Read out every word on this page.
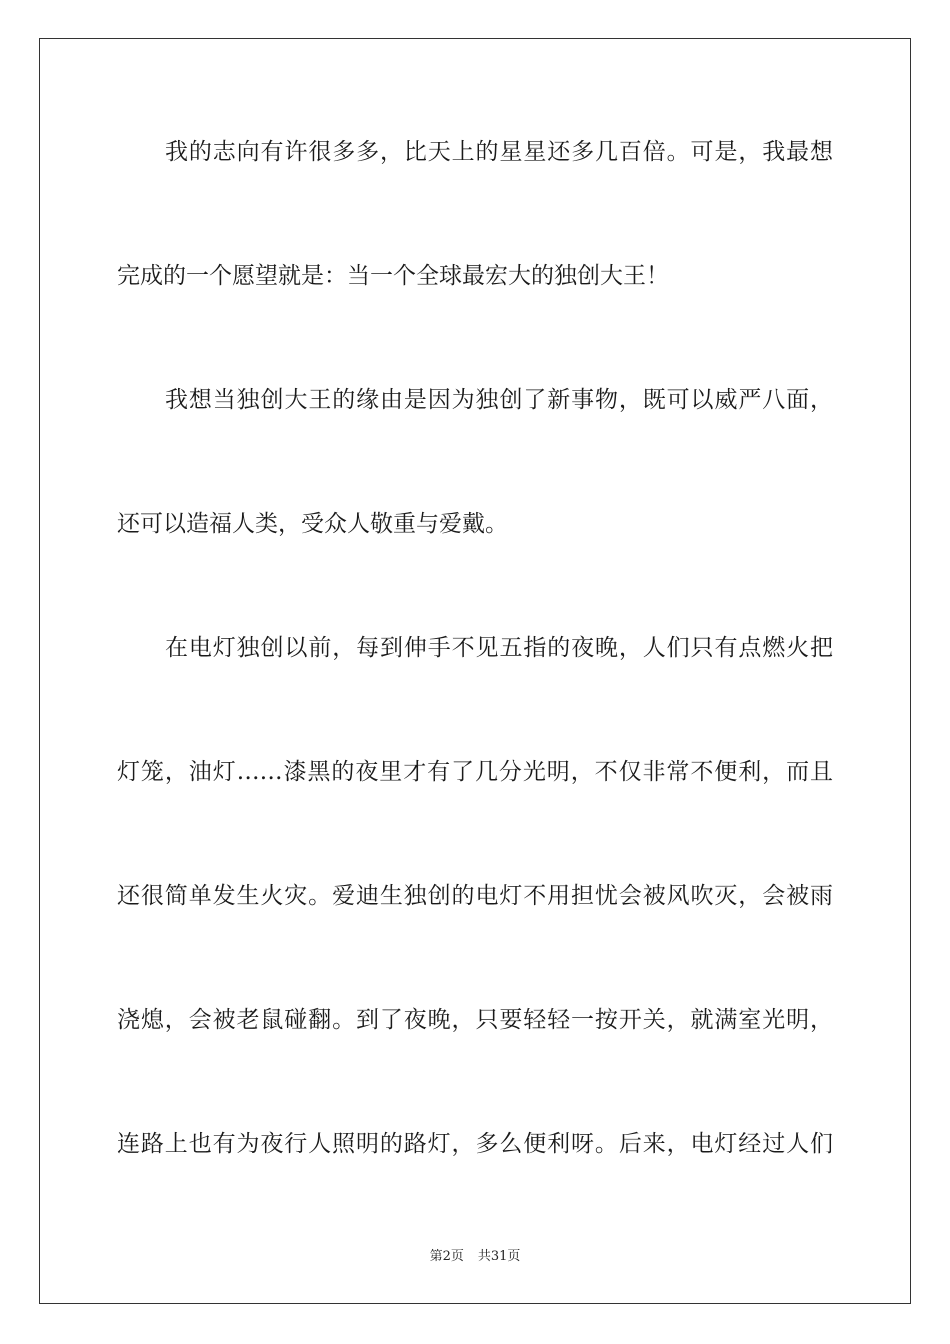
我的志向有许很多多，比天上的星星还多几百倍。可是，我最想
完成的一个愿望就是：当一个全球最宏大的独创大王！
我想当独创大王的缘由是因为独创了新事物，既可以威严八面，
还可以造福人类，受众人敬重与爱戴。
在电灯独创以前，每到伸手不见五指的夜晚，人们只有点燃火把
灯笼，油灯……漆黑的夜里才有了几分光明，不仅非常不便利，而且
还很简单发生火灾。爱迪生独创的电灯不用担忧会被风吹灭，会被雨
浇熄，会被老鼠碰翻。到了夜晚，只要轻轻一按开关，就满室光明，
连路上也有为夜行人照明的路灯，多么便利呀。后来，电灯经过人们
第2页 共31页
